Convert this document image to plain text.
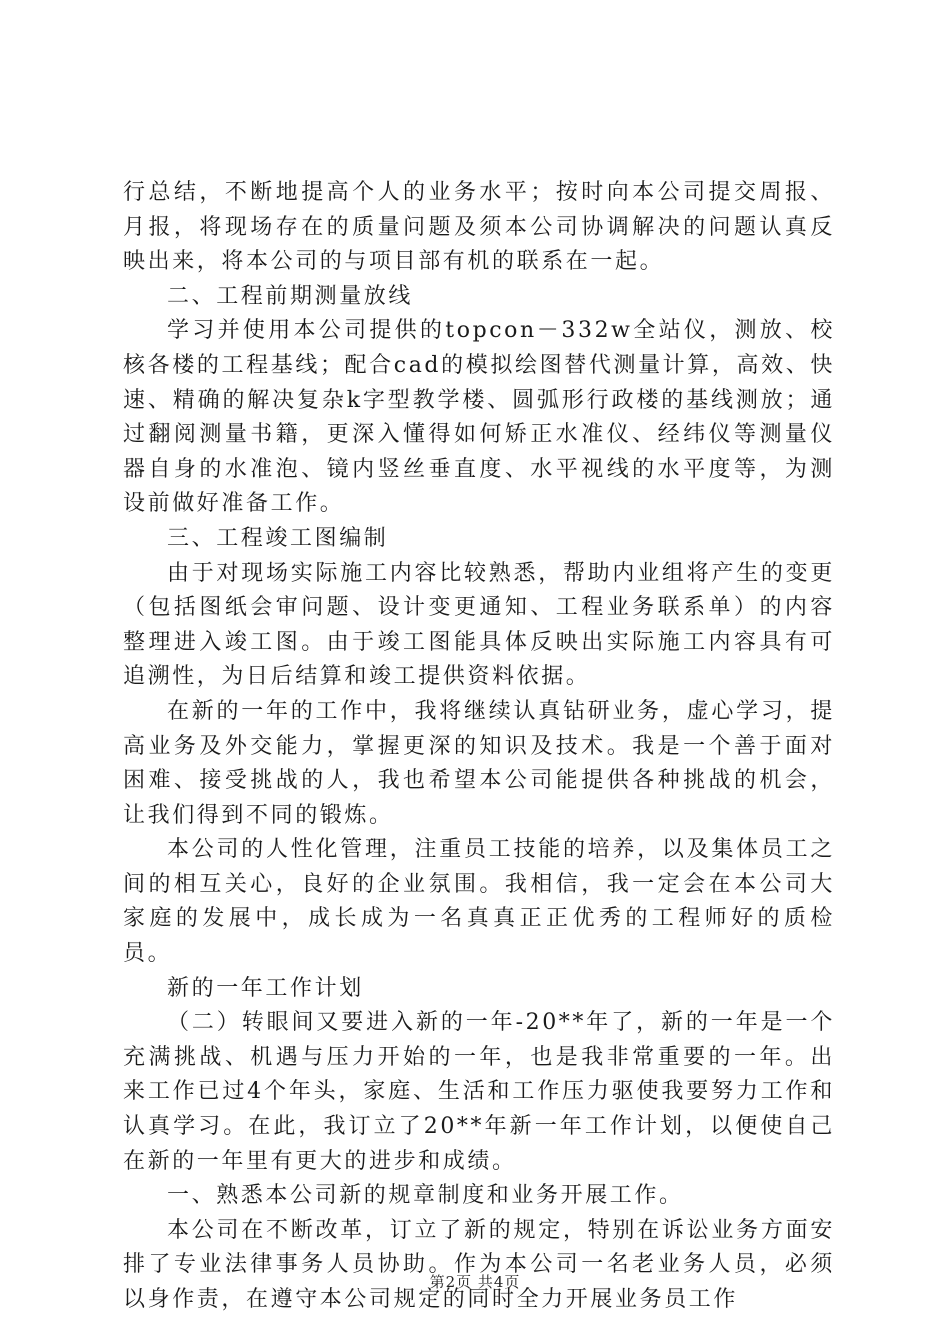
行总结，不断地提高个人的业务水平；按时向本公司提交周报、月报，将现场存在的质量问题及须本公司协调解决的问题认真反映出来，将本公司的与项目部有机的联系在一起。

二、工程前期测量放线

学习并使用本公司提供的topcon－332w全站仪，测放、校核各楼的工程基线；配合cad的模拟绘图替代测量计算，高效、快速、精确的解决复杂k字型教学楼、圆弧形行政楼的基线测放；通过翻阅测量书籍，更深入懂得如何矫正水准仪、经纬仪等测量仪器自身的水准泡、镜内竖丝垂直度、水平视线的水平度等，为测设前做好准备工作。

三、工程竣工图编制

由于对现场实际施工内容比较熟悉，帮助内业组将产生的变更（包括图纸会审问题、设计变更通知、工程业务联系单）的内容整理进入竣工图。由于竣工图能具体反映出实际施工内容具有可追溯性，为日后结算和竣工提供资料依据。

在新的一年的工作中，我将继续认真钻研业务，虚心学习，提高业务及外交能力，掌握更深的知识及技术。我是一个善于面对困难、接受挑战的人，我也希望本公司能提供各种挑战的机会，让我们得到不同的锻炼。

本公司的人性化管理，注重员工技能的培养，以及集体员工之间的相互关心，良好的企业氛围。我相信，我一定会在本公司大家庭的发展中，成长成为一名真真正正优秀的工程师好的质检员。

新的一年工作计划

（二）转眼间又要进入新的一年-20**年了，新的一年是一个充满挑战、机遇与压力开始的一年，也是我非常重要的一年。出来工作已过4个年头，家庭、生活和工作压力驱使我要努力工作和认真学习。在此，我订立了20**年新一年工作计划，以便使自己在新的一年里有更大的进步和成绩。

一、熟悉本公司新的规章制度和业务开展工作。

本公司在不断改革，订立了新的规定，特别在诉讼业务方面安排了专业法律事务人员协助。作为本公司一名老业务人员，必须以身作责，在遵守本公司规定的同时全力开展业务员工作

第2页 共4页
